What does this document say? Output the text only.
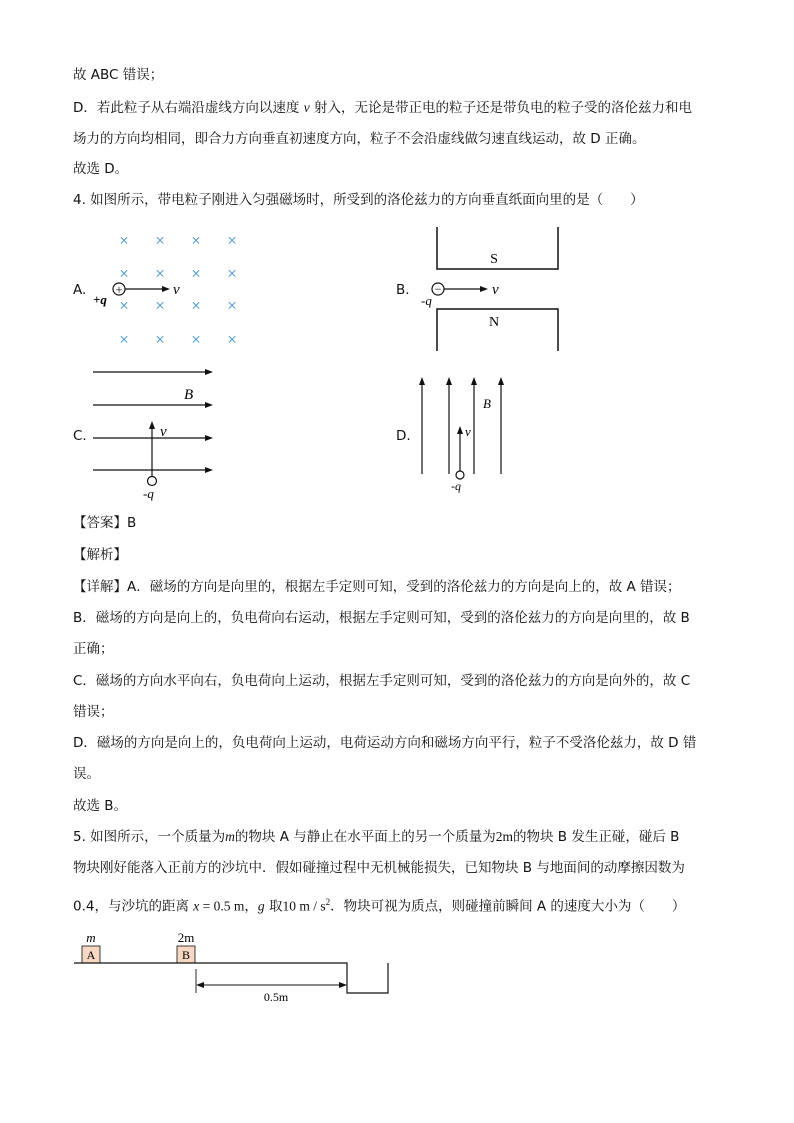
故 ABC 错误；
D．若此粒子从右端沿虚线方向以速度 v 射入，无论是带正电的粒子还是带负电的粒子受的洛伦兹力和电
场力的方向均相同，即合力方向垂直初速度方向，粒子不会沿虚线做匀速直线运动，故 D 正确。
故选 D。
4. 如图所示，带电粒子刚进入匀强磁场时，所受到的洛伦兹力的方向垂直纸面向里的是（　　）
A.
× × × ×
× × × ×
× × ×
×
× × × ×
+	v
+q
B.
S
N
−	v
-q
C.
B
v
-q
D.
B
v
-q
【答案】B
【解析】
【详解】A．磁场的方向是向里的，根据左手定则可知，受到的洛伦兹力的方向是向上的，故 A 错误；
B．磁场的方向是向上的，负电荷向右运动，根据左手定则可知，受到的洛伦兹力的方向是向里的，故 B
正确；
C．磁场的方向水平向右，负电荷向上运动，根据左手定则可知，受到的洛伦兹力的方向是向外的，故 C
错误；
D．磁场的方向是向上的，负电荷向上运动，电荷运动方向和磁场方向平行，粒子不受洛伦兹力，故 D 错
误。
故选 B。
5. 如图所示，一个质量为m的物块 A 与静止在水平面上的另一个质量为2m的物块 B 发生正碰，碰后 B
物块刚好能落入正前方的沙坑中．假如碰撞过程中无机械能损失，已知物块 B 与地面间的动摩擦因数为
0.4，与沙坑的距离 x = 0.5 m，g 取10 m / $s^2$．物块可视为质点，则碰撞前瞬间 A 的速度大小为（　　）
m	2m
A	B
0.5m
